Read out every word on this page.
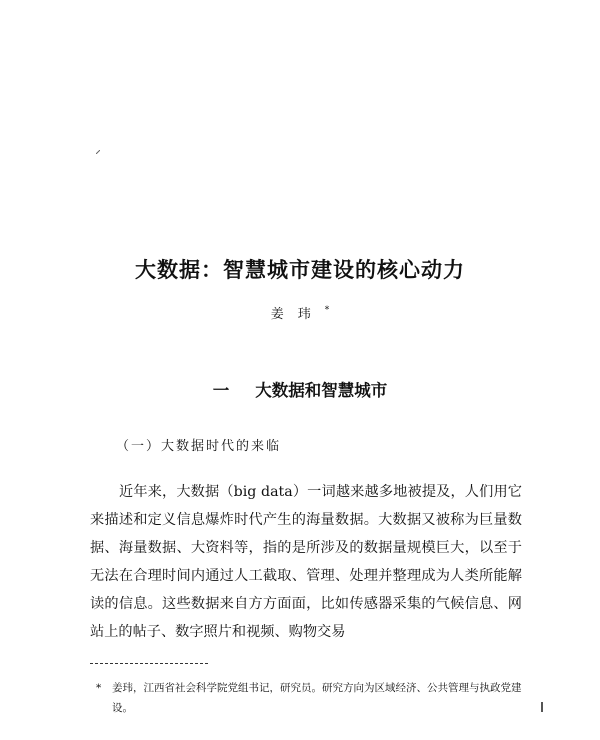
大数据：智慧城市建设的核心动力
姜玮*
一 大数据和智慧城市
（一）大数据时代的来临

近年来，大数据（big data）一词越来越多地被提及，人们用它来描述和定义信息爆炸时代产生的海量数据。大数据又被称为巨量数据、海量数据、大资料等，指的是所涉及的数据量规模巨大，以至于无法在合理时间内通过人工截取、管理、处理并整理成为人类所能解读的信息。这些数据来自方方面面，比如传感器采集的气候信息、网站上的帖子、数字照片和视频、购物交易

* 姜玮，江西省社会科学院党组书记，研究员。研究方向为区域经济、公共管理与执政党建设。
